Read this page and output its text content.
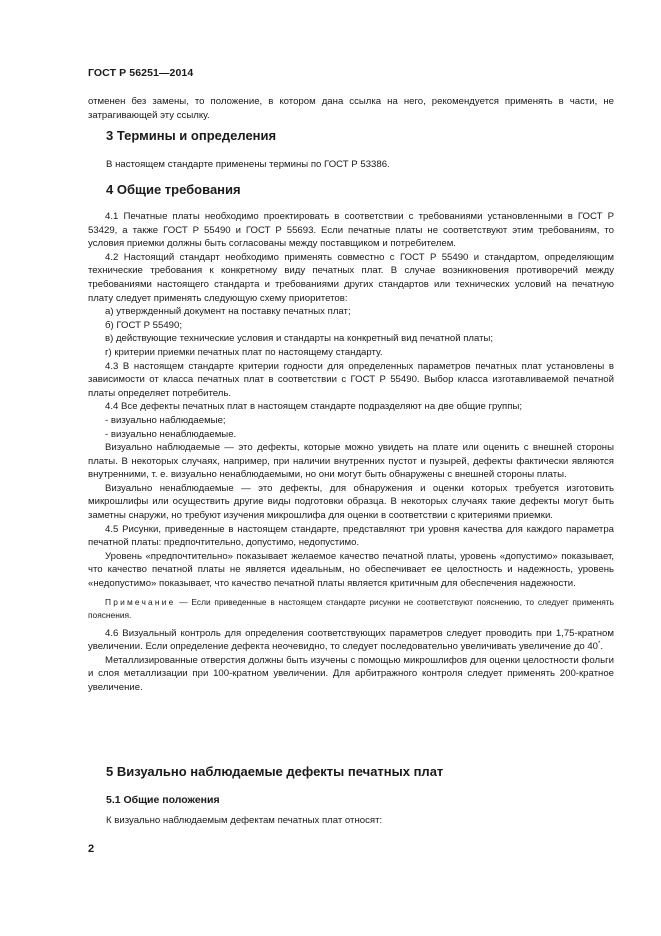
ГОСТ Р 56251—2014

отменен без замены, то положение, в котором дана ссылка на него, рекомендуется применять в части, не затрагивающей эту ссылку.

3 Термины и определения
В настоящем стандарте применены термины по ГОСТ Р 53386.
4 Общие требования

4.1 Печатные платы необходимо проектировать в соответствии с требованиями установленными в ГОСТ Р 53429, а также ГОСТ Р 55490 и ГОСТ Р 55693. Если печатные платы не соответствуют этим требованиям, то условия приемки должны быть согласованы между поставщиком и потребителем.

4.2 Настоящий стандарт необходимо применять совместно с ГОСТ Р 55490 и стандартом, определяющим технические требования к конкретному виду печатных плат. В случае возникновения противоречий между требованиями настоящего стандарта и требованиями других стандартов или технических условий на печатную плату следует применять следующую схему приоритетов:

а) утвержденный документ на поставку печатных плат;

б) ГОСТ Р 55490;

в) действующие технические условия и стандарты на конкретный вид печатной платы;

г) критерии приемки печатных плат по настоящему стандарту.

4.3 В настоящем стандарте критерии годности для определенных параметров печатных плат установлены в зависимости от класса печатных плат в соответствии с ГОСТ Р 55490. Выбор класса изготавливаемой печатной платы определяет потребитель.

4.4 Все дефекты печатных плат в настоящем стандарте подразделяют на две общие группы;

- визуально наблюдаемые;

- визуально ненаблюдаемые.

Визуально наблюдаемые — это дефекты, которые можно увидеть на плате или оценить с внешней стороны платы. В некоторых случаях, например, при наличии внутренних пустот и пузырей, дефекты фактически являются внутренними, т. е. визуально ненаблюдаемыми, но они могут быть обнаружены с внешней стороны платы.

Визуально ненаблюдаемые — это дефекты, для обнаружения и оценки которых требуется изготовить микрошлифы или осуществить другие виды подготовки образца. В некоторых случаях такие дефекты могут быть заметны снаружи, но требуют изучения микрошлифа для оценки в соответствии с критериями приемки.

4.5 Рисунки, приведенные в настоящем стандарте, представляют три уровня качества для каждого параметра печатной платы: предпочтительно, допустимо, недопустимо.

Уровень «предпочтительно» показывает желаемое качество печатной платы, уровень «допустимо» показывает, что качество печатной платы не является идеальным, но обеспечивает ее целостность и надежность, уровень «недопустимо» показывает, что качество печатной платы является критичным для обеспечения надежности.

Примечание — Если приведенные в настоящем стандарте рисунки не соответствуют пояснению, то следует применять пояснения.

4.6 Визуальный контроль для определения соответствующих параметров следует проводить при 1,75-кратном увеличении. Если определение дефекта неочевидно, то следует последовательно увеличивать увеличение до 40*.

Металлизированные отверстия должны быть изучены с помощью микрошлифов для оценки целостности фольги и слоя металлизации при 100-кратном увеличении. Для арбитражного контроля следует применять 200-кратное увеличение.

5 Визуально наблюдаемые дефекты печатных плат
5.1 Общие положения
К визуально наблюдаемым дефектам печатных плат относят:
2
